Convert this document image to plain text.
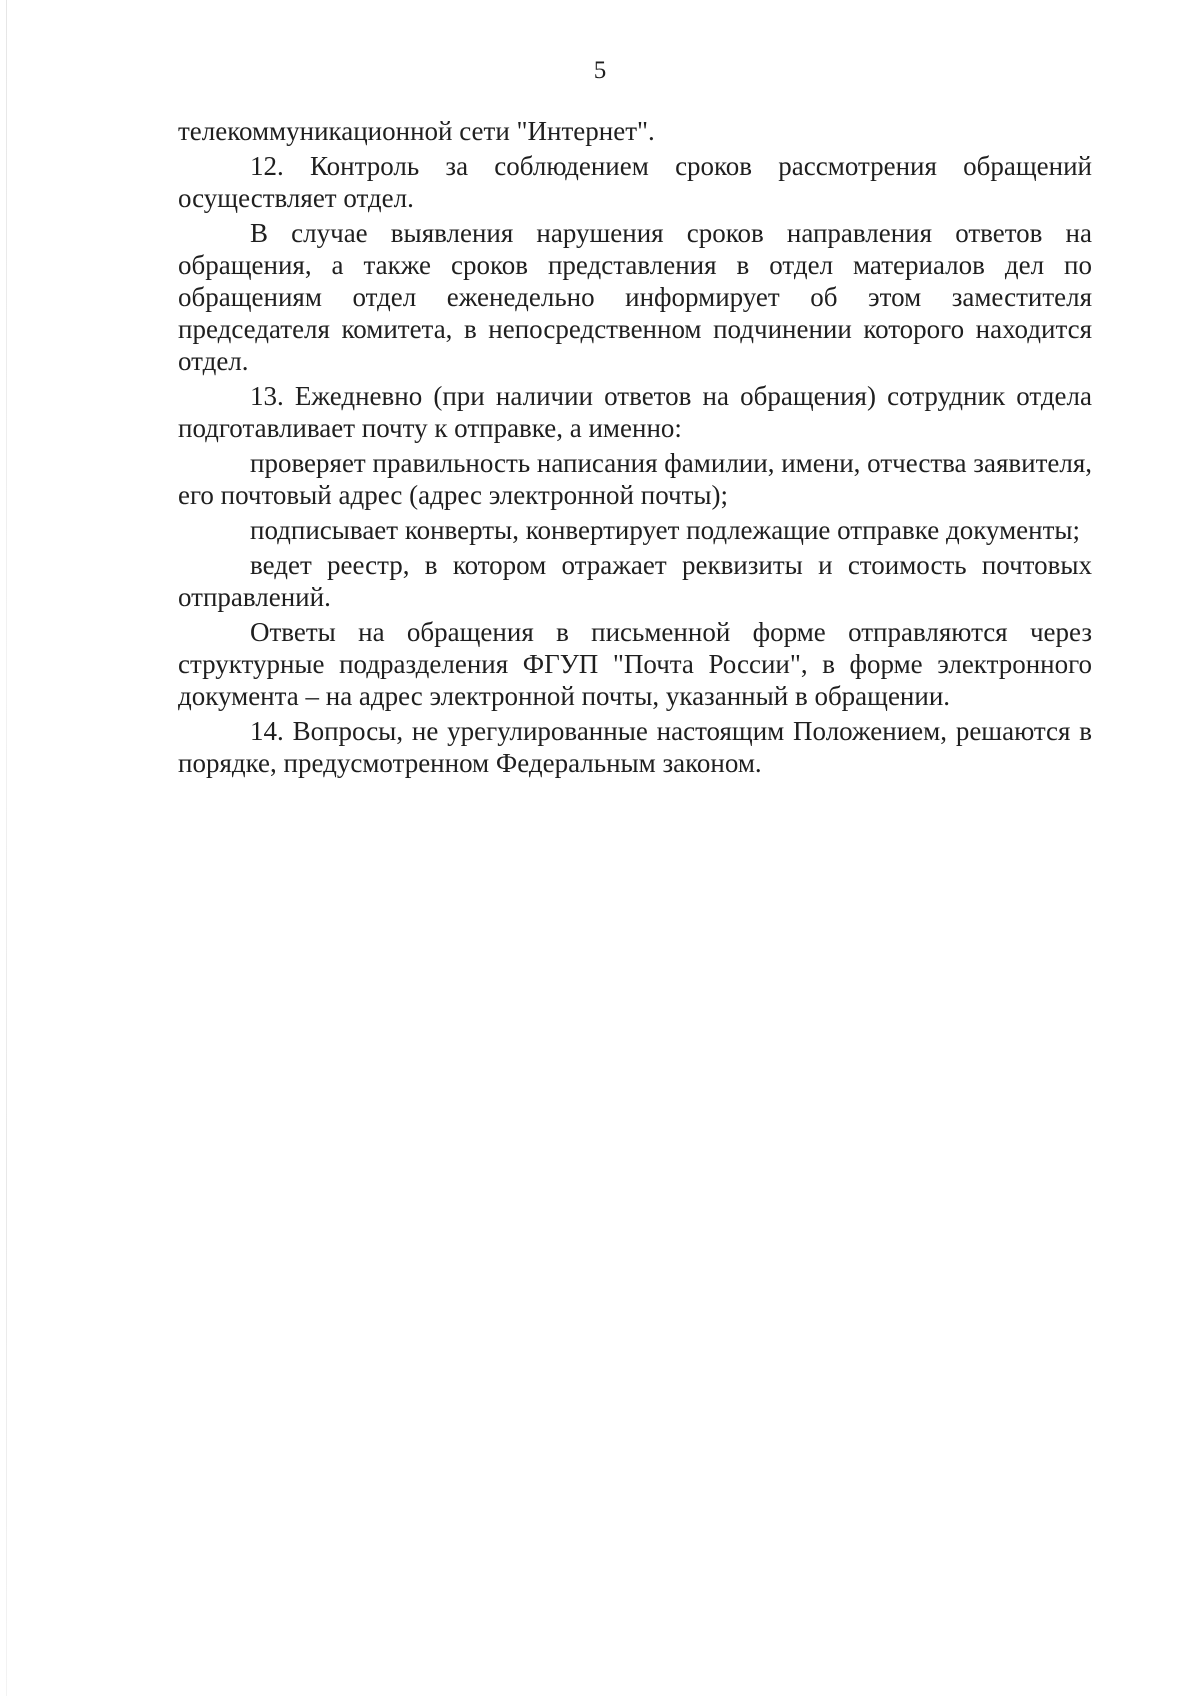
5

телекоммуникационной сети "Интернет".

12. Контроль за соблюдением сроков рассмотрения обращений осуществляет отдел.

В случае выявления нарушения сроков направления ответов на обращения, а также сроков представления в отдел материалов дел по обращениям отдел еженедельно информирует об этом заместителя председателя комитета, в непосредственном подчинении которого находится отдел.

13. Ежедневно (при наличии ответов на обращения) сотрудник отдела подготавливает почту к отправке, а именно:

проверяет правильность написания фамилии, имени, отчества заявителя, его почтовый адрес (адрес электронной почты);

подписывает конверты, конвертирует подлежащие отправке документы;

ведет реестр, в котором отражает реквизиты и стоимость почтовых отправлений.

Ответы на обращения в письменной форме отправляются через структурные подразделения ФГУП "Почта России", в форме электронного документа – на адрес электронной почты, указанный в обращении.

14. Вопросы, не урегулированные настоящим Положением, решаются в порядке, предусмотренном Федеральным законом.
